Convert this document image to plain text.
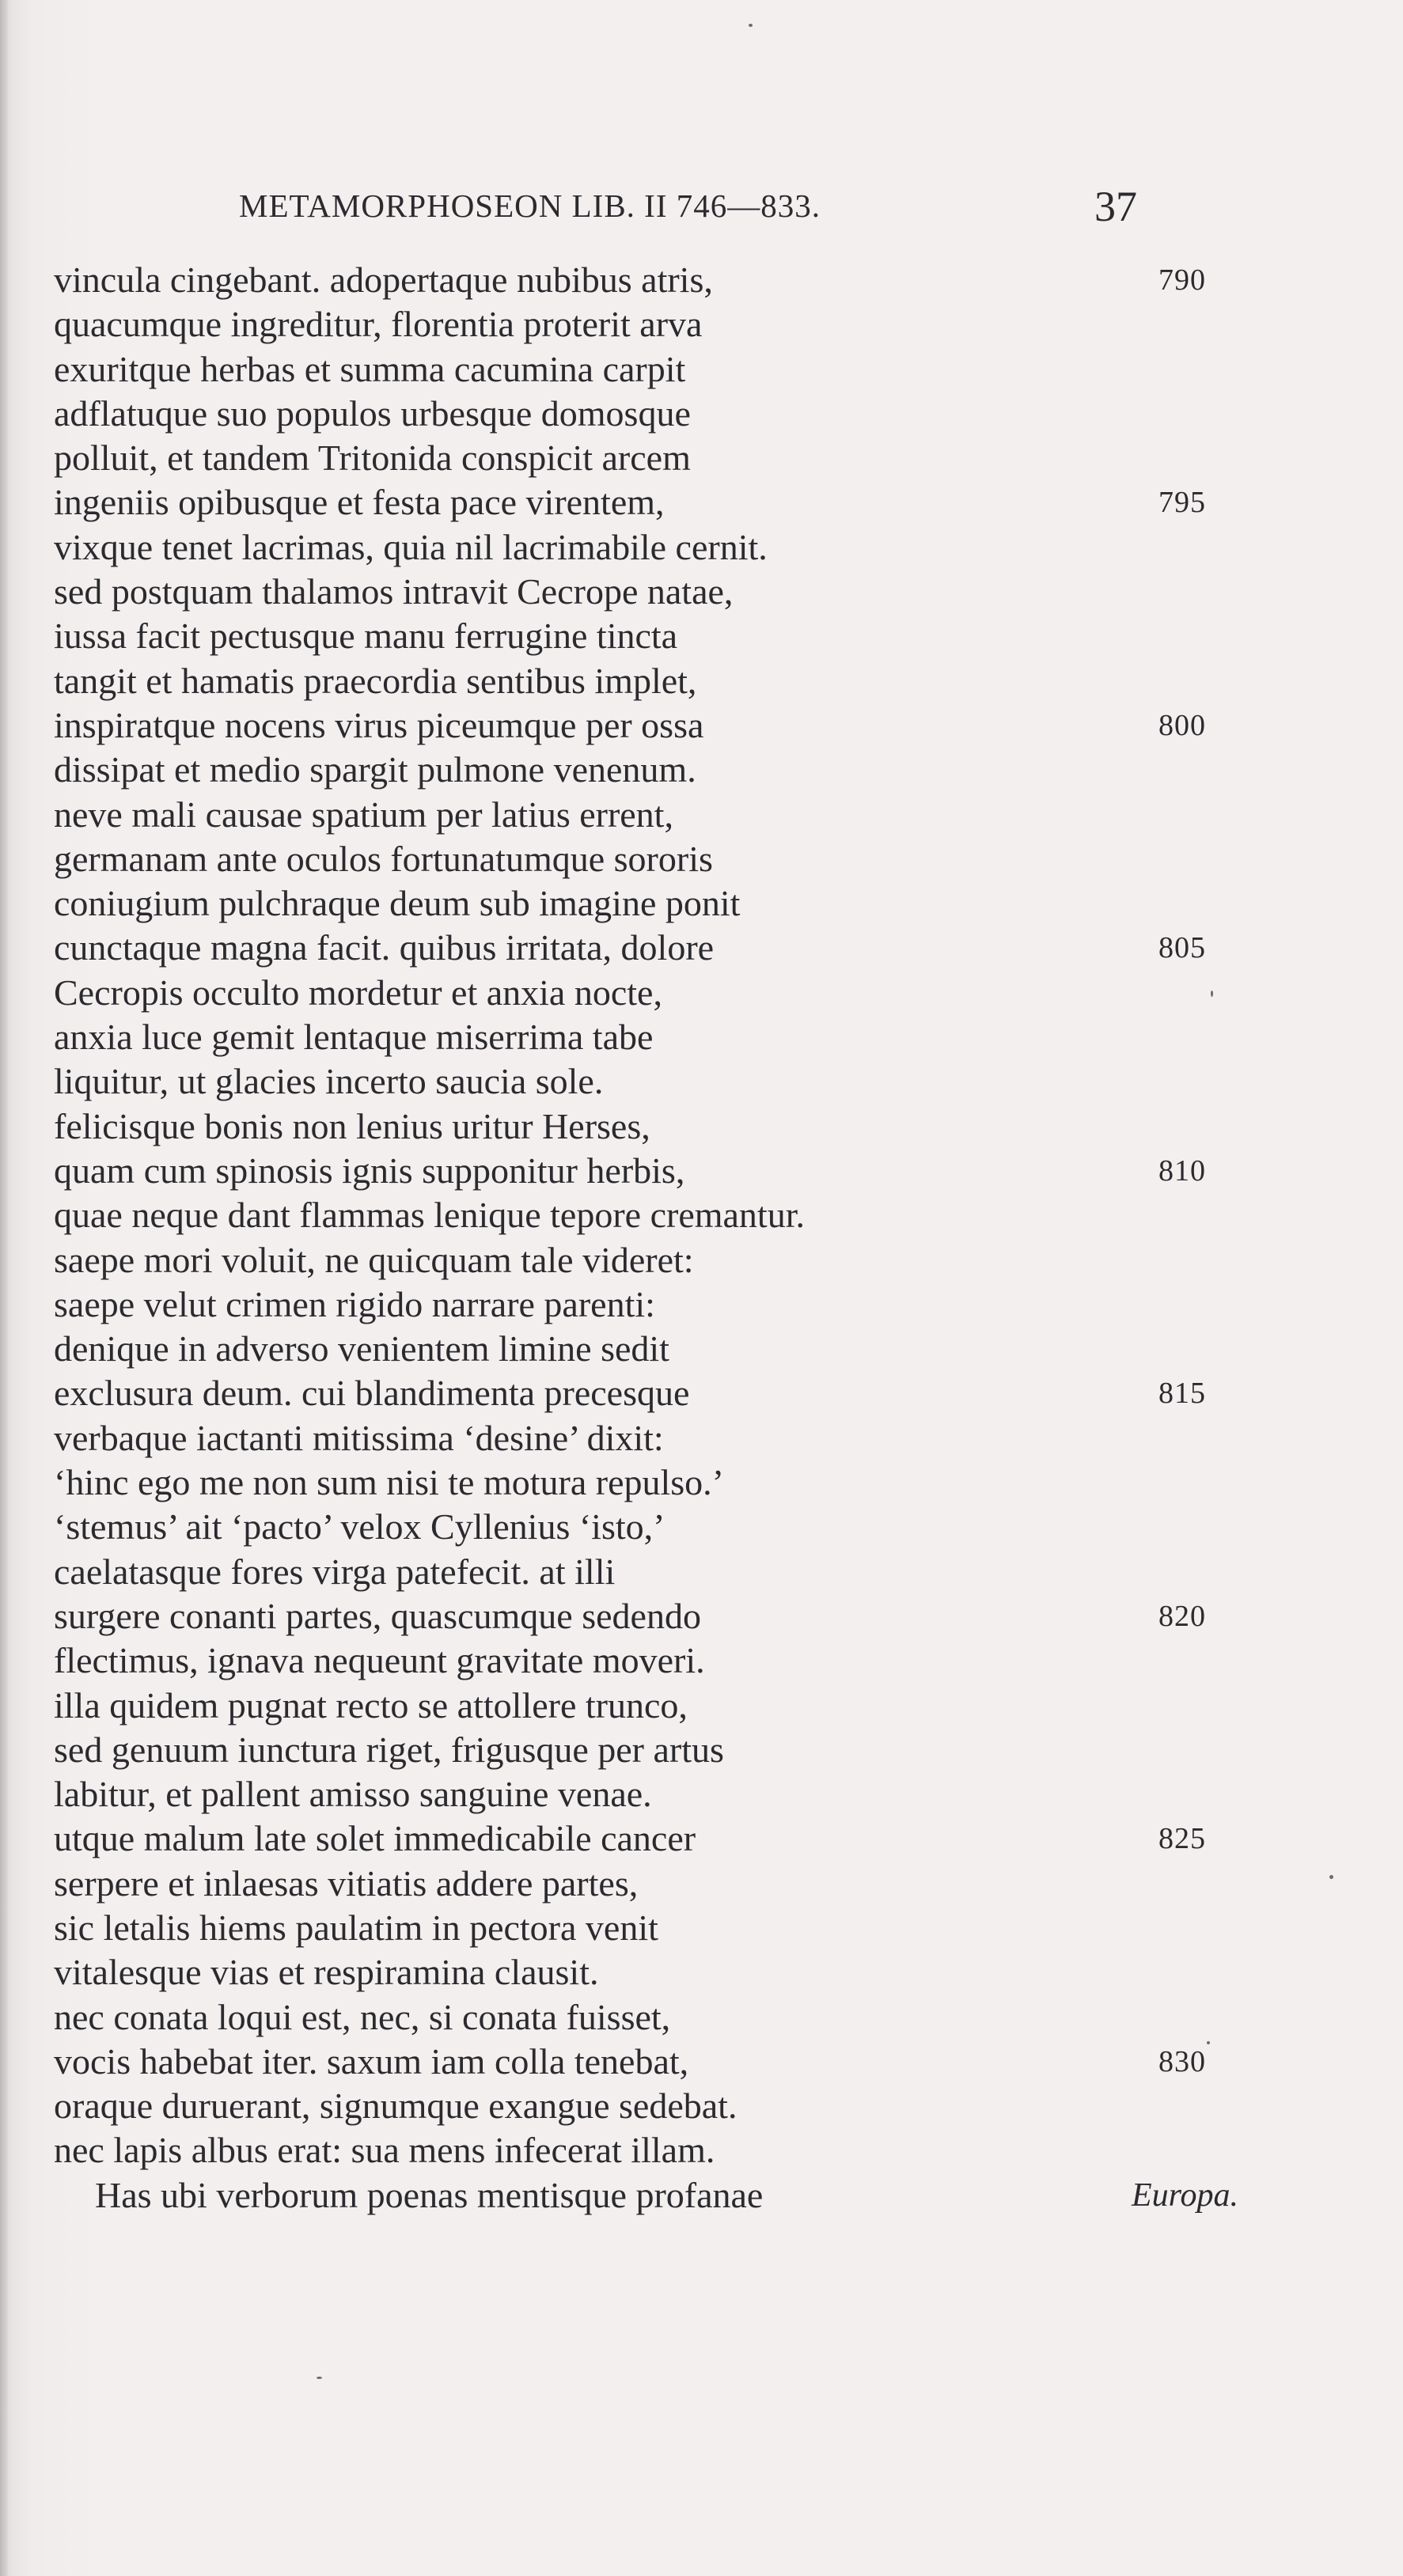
METAMORPHOSEON LIB. II 746—833.	37
vincula cingebant. adopertaque nubibus atris,	790
quacumque ingreditur, florentia proterit arva
exuritque herbas et summa cacumina carpit
adflatuque suo populos urbesque domosque
polluit, et tandem Tritonida conspicit arcem
ingeniis opibusque et festa pace virentem,	795
vixque tenet lacrimas, quia nil lacrimabile cernit.
sed postquam thalamos intravit Cecrope natae,
iussa facit pectusque manu ferrugine tincta
tangit et hamatis praecordia sentibus implet,
inspiratque nocens virus piceumque per ossa	800
dissipat et medio spargit pulmone venenum.
neve mali causae spatium per latius errent,
germanam ante oculos fortunatumque sororis
coniugium pulchraque deum sub imagine ponit
cunctaque magna facit. quibus irritata, dolore	805
Cecropis occulto mordetur et anxia nocte,
anxia luce gemit lentaque miserrima tabe
liquitur, ut glacies incerto saucia sole.
felicisque bonis non lenius uritur Herses,
quam cum spinosis ignis supponitur herbis,	810
quae neque dant flammas lenique tepore cremantur.
saepe mori voluit, ne quicquam tale videret:
saepe velut crimen rigido narrare parenti:
denique in adverso venientem limine sedit
exclusura deum. cui blandimenta precesque	815
verbaque iactanti mitissima ‘desine’ dixit:
‘hinc ego me non sum nisi te motura repulso.’
‘stemus’ ait ‘pacto’ velox Cyllenius ‘isto,’
caelatasque fores virga patefecit. at illi
surgere conanti partes, quascumque sedendo	820
flectimus, ignava nequeunt gravitate moveri.
illa quidem pugnat recto se attollere trunco,
sed genuum iunctura riget, frigusque per artus
labitur, et pallent amisso sanguine venae.
utque malum late solet immedicabile cancer	825
serpere et inlaesas vitiatis addere partes,
sic letalis hiems paulatim in pectora venit
vitalesque vias et respiramina clausit.
nec conata loqui est, nec, si conata fuisset,
vocis habebat iter. saxum iam colla tenebat,	830
oraque duruerant, signumque exangue sedebat.
nec lapis albus erat: sua mens infecerat illam.
Has ubi verborum poenas mentisque profanae	Europa.
